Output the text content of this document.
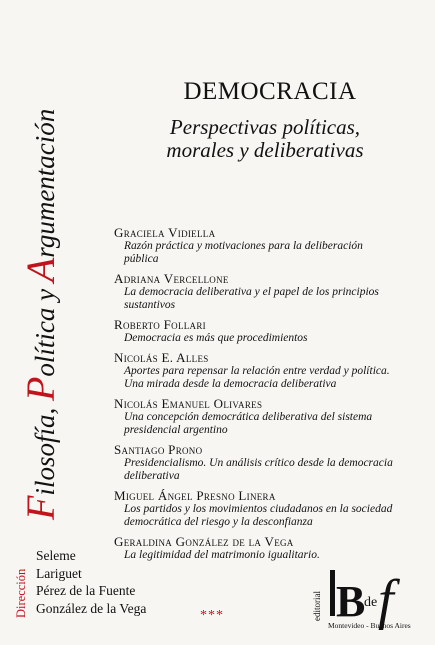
Filosofía, Política y Argumentación
DEMOCRACIA
Perspectivas políticas,
morales y deliberativas
Graciela Vidiella
Razón práctica y motivaciones para la deliberación
pública
Adriana Vercellone
La democracia deliberativa y el papel de los principios
sustantivos
Roberto Follari
Democracia es más que procedimientos
Nicolás E. Alles
Aportes para repensar la relación entre verdad y política.
Una mirada desde la democracia deliberativa
Nicolás Emanuel Olivares
Una concepción democrática deliberativa del sistema
presidencial argentino
Santiago Prono
Presidencialismo. Un análisis crítico desde la democracia
deliberativa
Miguel Ángel Presno Linera
Los partidos y los movimientos ciudadanos en la sociedad
democrática del riesgo y la desconfianza
Geraldina González de la Vega
La legitimidad del matrimonio igualitario.
Dirección
Seleme
Lariguet
Pérez de la Fuente
González de la Vega	***	editorial B
de f
Montevideo - Buenos Aires
